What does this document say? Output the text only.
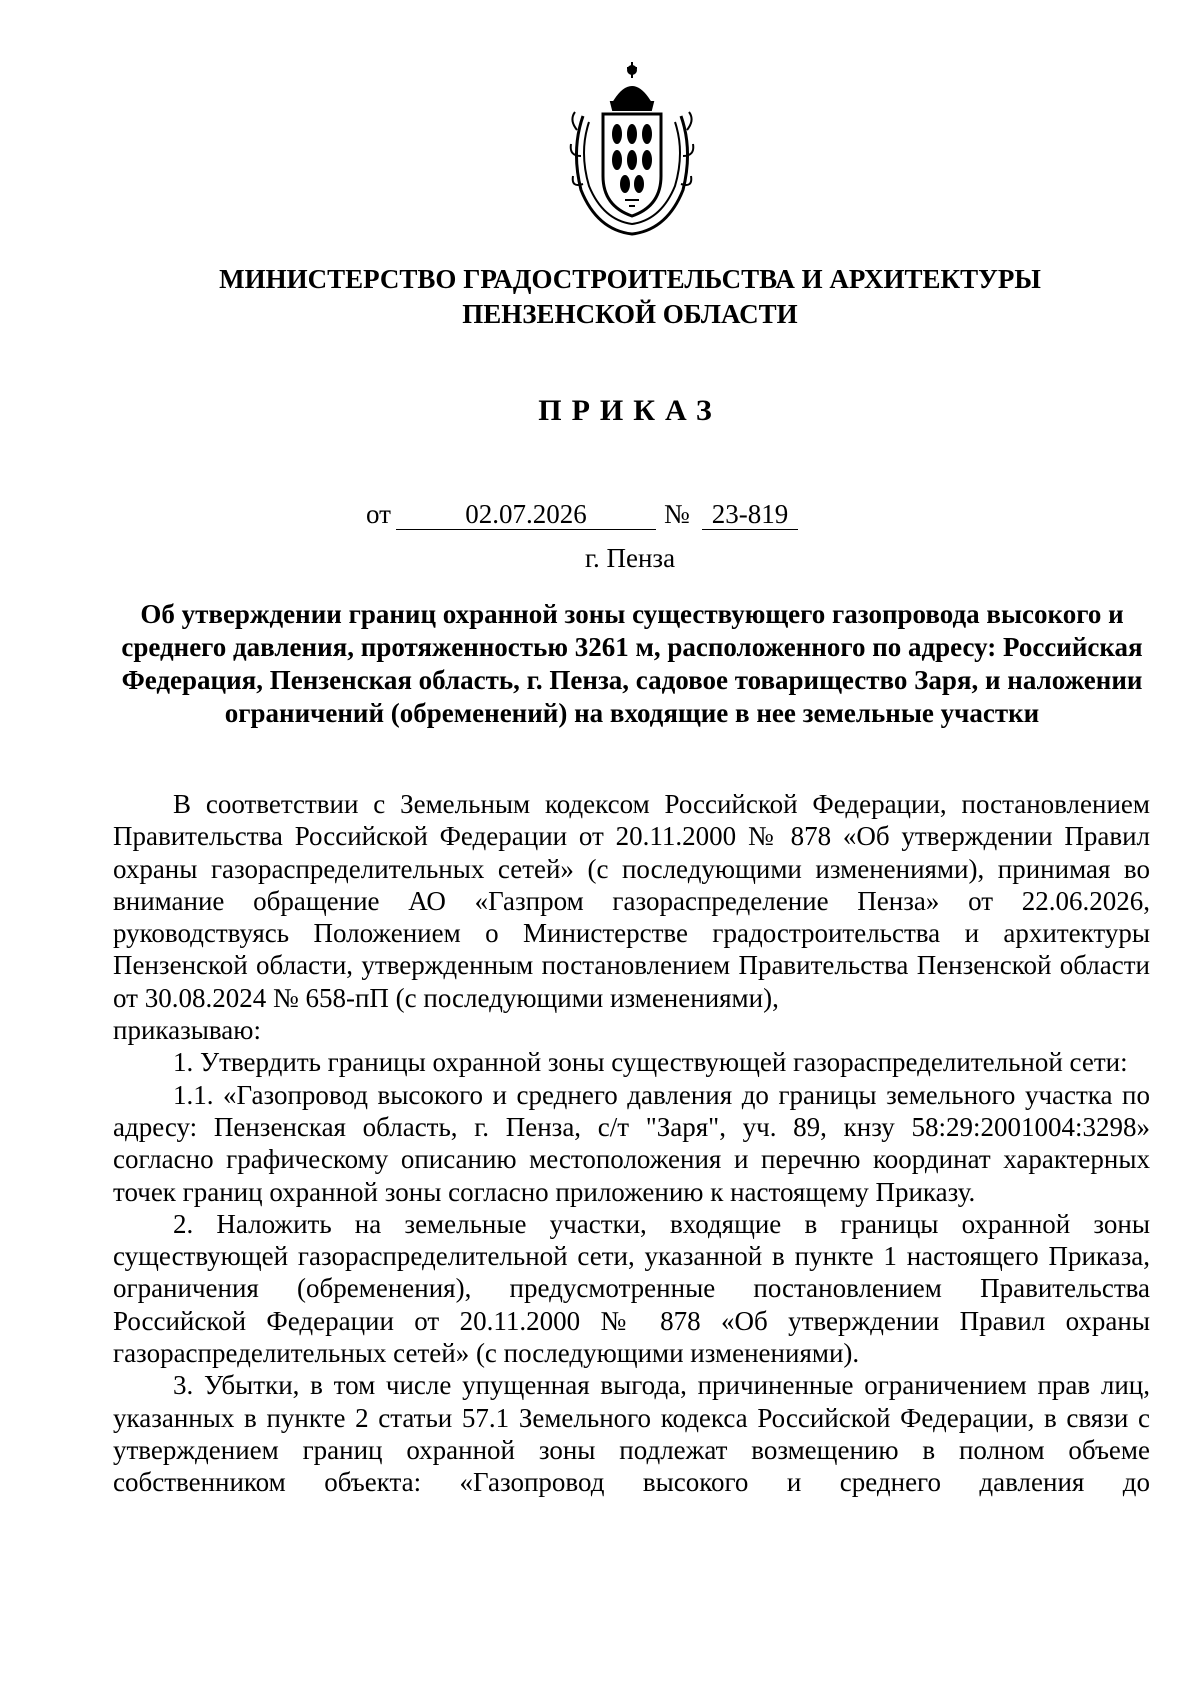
МИНИСТЕРСТВО ГРАДОСТРОИТЕЛЬСТВА И АРХИТЕКТУРЫ
ПЕНЗЕНСКОЙ ОБЛАСТИ
ПРИКАЗ
от	02.07.2026	№ 23-819
г. Пенза
Об утверждении границ охранной зоны существующего газопровода высокого и среднего давления, протяженностью 3261 м, расположенного по адресу: Российская Федерация, Пензенская область, г. Пенза, садовое товарищество Заря, и наложении ограничений (обременений) на входящие в нее земельные участки

В соответствии с Земельным кодексом Российской Федерации, постановлением Правительства Российской Федерации от 20.11.2000 № 878 «Об утверждении Правил охраны газораспределительных сетей» (с последующими изменениями), принимая во внимание обращение АО «Газпром газораспределение Пенза» от 22.06.2026, руководствуясь Положением о Министерстве градостроительства и архитектуры Пензенской области, утвержденным постановлением Правительства Пензенской области от 30.08.2024 № 658-пП (с последующими изменениями),

приказываю:

1. Утвердить границы охранной зоны существующей газораспределительной сети:

1.1. «Газопровод высокого и среднего давления до границы земельного участка по адресу: Пензенская область, г. Пенза, с/т "Заря", уч. 89, кнзу 58:29:2001004:3298» согласно графическому описанию местоположения и перечню координат характерных точек границ охранной зоны согласно приложению к настоящему Приказу.

2. Наложить на земельные участки, входящие в границы охранной зоны существующей газораспределительной сети, указанной в пункте 1 настоящего Приказа, ограничения (обременения), предусмотренные постановлением Правительства Российской Федерации от 20.11.2000 № 878 «Об утверждении Правил охраны газораспределительных сетей» (с последующими изменениями).

3. Убытки, в том числе упущенная выгода, причиненные ограничением прав лиц, указанных в пункте 2 статьи 57.1 Земельного кодекса Российской Федерации, в связи с утверждением границ охранной зоны подлежат возмещению в полном объеме собственником объекта: «Газопровод высокого и среднего давления до
